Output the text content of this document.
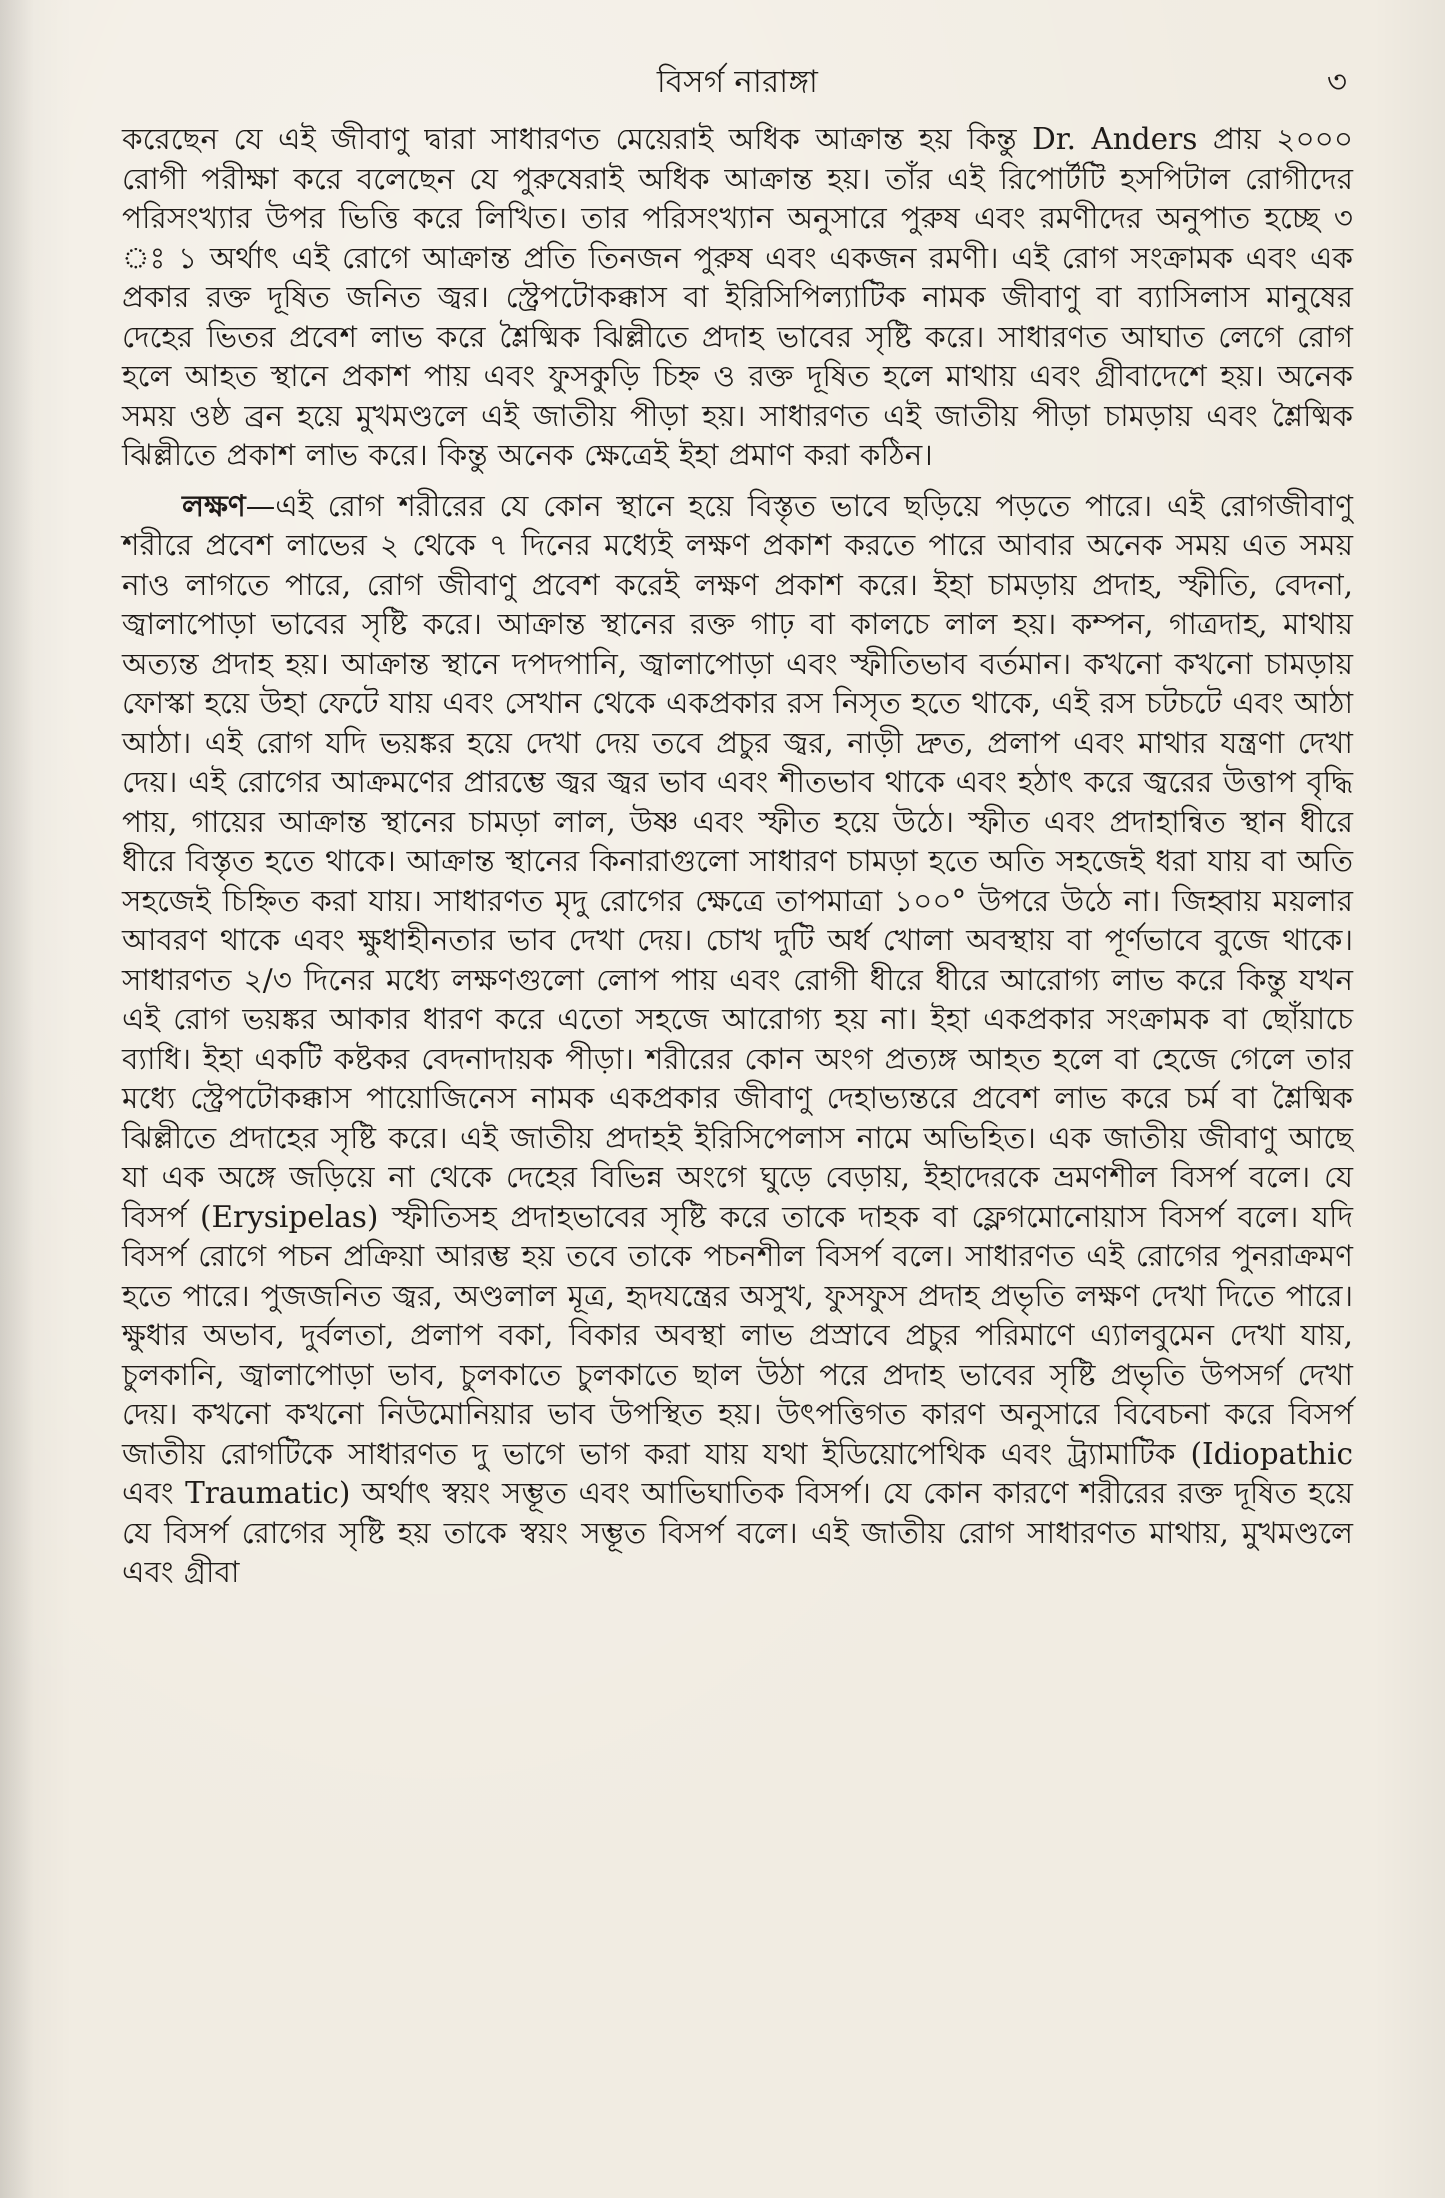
বিসর্গ নারাঙ্গা	৩

করেছেন যে এই জীবাণু দ্বারা সাধারণত মেয়েরাই অধিক আক্রান্ত হয় কিন্তু Dr. Anders প্রায় ২০০০ রোগী পরীক্ষা করে বলেছেন যে পুরুষেরাই অধিক আক্রান্ত হয়। তাঁর এই রিপোর্টটি হসপিটাল রোগীদের পরিসংখ্যার উপর ভিত্তি করে লিখিত। তার পরিসংখ্যান অনুসারে পুরুষ এবং রমণীদের অনুপাত হচ্ছে ৩ ঃ ১ অর্থাৎ এই রোগে আক্রান্ত প্রতি তিনজন পুরুষ এবং একজন রমণী। এই রোগ সংক্রামক এবং এক প্রকার রক্ত দূষিত জনিত জ্বর। স্ট্রেপটোকক্কাস বা ইরিসিপিল্যাটিক নামক জীবাণু বা ব্যাসিলাস মানুষের দেহের ভিতর প্রবেশ লাভ করে শ্লৈষ্মিক ঝিল্লীতে প্রদাহ ভাবের সৃষ্টি করে। সাধারণত আঘাত লেগে রোগ হলে আহত স্থানে প্রকাশ পায় এবং ফুসকুড়ি চিহ্ন ও রক্ত দূষিত হলে মাথায় এবং গ্রীবাদেশে হয়। অনেক সময় ওষ্ঠ ব্রন হয়ে মুখমণ্ডলে এই জাতীয় পীড়া হয়। সাধারণত এই জাতীয় পীড়া চামড়ায় এবং শ্লৈষ্মিক ঝিল্লীতে প্রকাশ লাভ করে। কিন্তু অনেক ক্ষেত্রেই ইহা প্রমাণ করা কঠিন।

লক্ষণ—এই রোগ শরীরের যে কোন স্থানে হয়ে বিস্তৃত ভাবে ছড়িয়ে পড়তে পারে। এই রোগজীবাণু শরীরে প্রবেশ লাভের ২ থেকে ৭ দিনের মধ্যেই লক্ষণ প্রকাশ করতে পারে আবার অনেক সময় এত সময় নাও লাগতে পারে, রোগ জীবাণু প্রবেশ করেই লক্ষণ প্রকাশ করে। ইহা চামড়ায় প্রদাহ, স্ফীতি, বেদনা, জ্বালাপোড়া ভাবের সৃষ্টি করে। আক্রান্ত স্থানের রক্ত গাঢ় বা কালচে লাল হয়। কম্পন, গাত্রদাহ, মাথায় অত্যন্ত প্রদাহ হয়। আক্রান্ত স্থানে দপদপানি, জ্বালাপোড়া এবং স্ফীতিভাব বর্তমান। কখনো কখনো চামড়ায় ফোস্কা হয়ে উহা ফেটে যায় এবং সেখান থেকে একপ্রকার রস নিসৃত হতে থাকে, এই রস চটচটে এবং আঠা আঠা। এই রোগ যদি ভয়ঙ্কর হয়ে দেখা দেয় তবে প্রচুর জ্বর, নাড়ী দ্রুত, প্রলাপ এবং মাথার যন্ত্রণা দেখা দেয়। এই রোগের আক্রমণের প্রারম্ভে জ্বর জ্বর ভাব এবং শীতভাব থাকে এবং হঠাৎ করে জ্বরের উত্তাপ বৃদ্ধি পায়, গায়ের আক্রান্ত স্থানের চামড়া লাল, উষ্ণ এবং স্ফীত হয়ে উঠে। স্ফীত এবং প্রদাহান্বিত স্থান ধীরে ধীরে বিস্তৃত হতে থাকে। আক্রান্ত স্থানের কিনারাগুলো সাধারণ চামড়া হতে অতি সহজেই ধরা যায় বা অতি সহজেই চিহ্নিত করা যায়। সাধারণত মৃদু রোগের ক্ষেত্রে তাপমাত্রা ১০০° উপরে উঠে না। জিহ্বায় ময়লার আবরণ থাকে এবং ক্ষুধাহীনতার ভাব দেখা দেয়। চোখ দুটি অর্ধ খোলা অবস্থায় বা পূর্ণভাবে বুজে থাকে। সাধারণত ২/৩ দিনের মধ্যে লক্ষণগুলো লোপ পায় এবং রোগী ধীরে ধীরে আরোগ্য লাভ করে কিন্তু যখন এই রোগ ভয়ঙ্কর আকার ধারণ করে এতো সহজে আরোগ্য হয় না। ইহা একপ্রকার সংক্রামক বা ছোঁয়াচে ব্যাধি। ইহা একটি কষ্টকর বেদনাদায়ক পীড়া। শরীরের কোন অংগ প্রত্যঙ্গ আহত হলে বা হেজে গেলে তার মধ্যে স্ট্রেপটোকক্কাস পায়োজিনেস নামক একপ্রকার জীবাণু দেহাভ্যন্তরে প্রবেশ লাভ করে চর্ম বা শ্লৈষ্মিক ঝিল্লীতে প্রদাহের সৃষ্টি করে। এই জাতীয় প্রদাহই ইরিসিপেলাস নামে অভিহিত। এক জাতীয় জীবাণু আছে যা এক অঙ্গে জড়িয়ে না থেকে দেহের বিভিন্ন অংগে ঘুড়ে বেড়ায়, ইহাদেরকে ভ্রমণশীল বিসর্প বলে। যে বিসর্প (Erysipelas) স্ফীতিসহ প্রদাহভাবের সৃষ্টি করে তাকে দাহক বা ফ্লেগমোনোয়াস বিসর্প বলে। যদি বিসর্প রোগে পচন প্রক্রিয়া আরম্ভ হয় তবে তাকে পচনশীল বিসর্প বলে। সাধারণত এই রোগের পুনরাক্রমণ হতে পারে। পুজজনিত জ্বর, অণ্ডলাল মূত্র, হৃদযন্ত্রের অসুখ, ফুসফুস প্রদাহ প্রভৃতি লক্ষণ দেখা দিতে পারে। ক্ষুধার অভাব, দুর্বলতা, প্রলাপ বকা, বিকার অবস্থা লাভ প্রস্রাবে প্রচুর পরিমাণে এ্যালবুমেন দেখা যায়, চুলকানি, জ্বালাপোড়া ভাব, চুলকাতে চুলকাতে ছাল উঠা পরে প্রদাহ ভাবের সৃষ্টি প্রভৃতি উপসর্গ দেখা দেয়। কখনো কখনো নিউমোনিয়ার ভাব উপস্থিত হয়। উৎপত্তিগত কারণ অনুসারে বিবেচনা করে বিসর্প জাতীয় রোগটিকে সাধারণত দু ভাগে ভাগ করা যায় যথা ইডিয়োপেথিক এবং ট্র্যামাটিক (Idiopathic এবং Traumatic) অর্থাৎ স্বয়ং সম্ভূত এবং আভিঘাতিক বিসর্প। যে কোন কারণে শরীরের রক্ত দূষিত হয়ে যে বিসর্প রোগের সৃষ্টি হয় তাকে স্বয়ং সম্ভূত বিসর্প বলে। এই জাতীয় রোগ সাধারণত মাথায়, মুখমণ্ডলে এবং গ্রীবা
